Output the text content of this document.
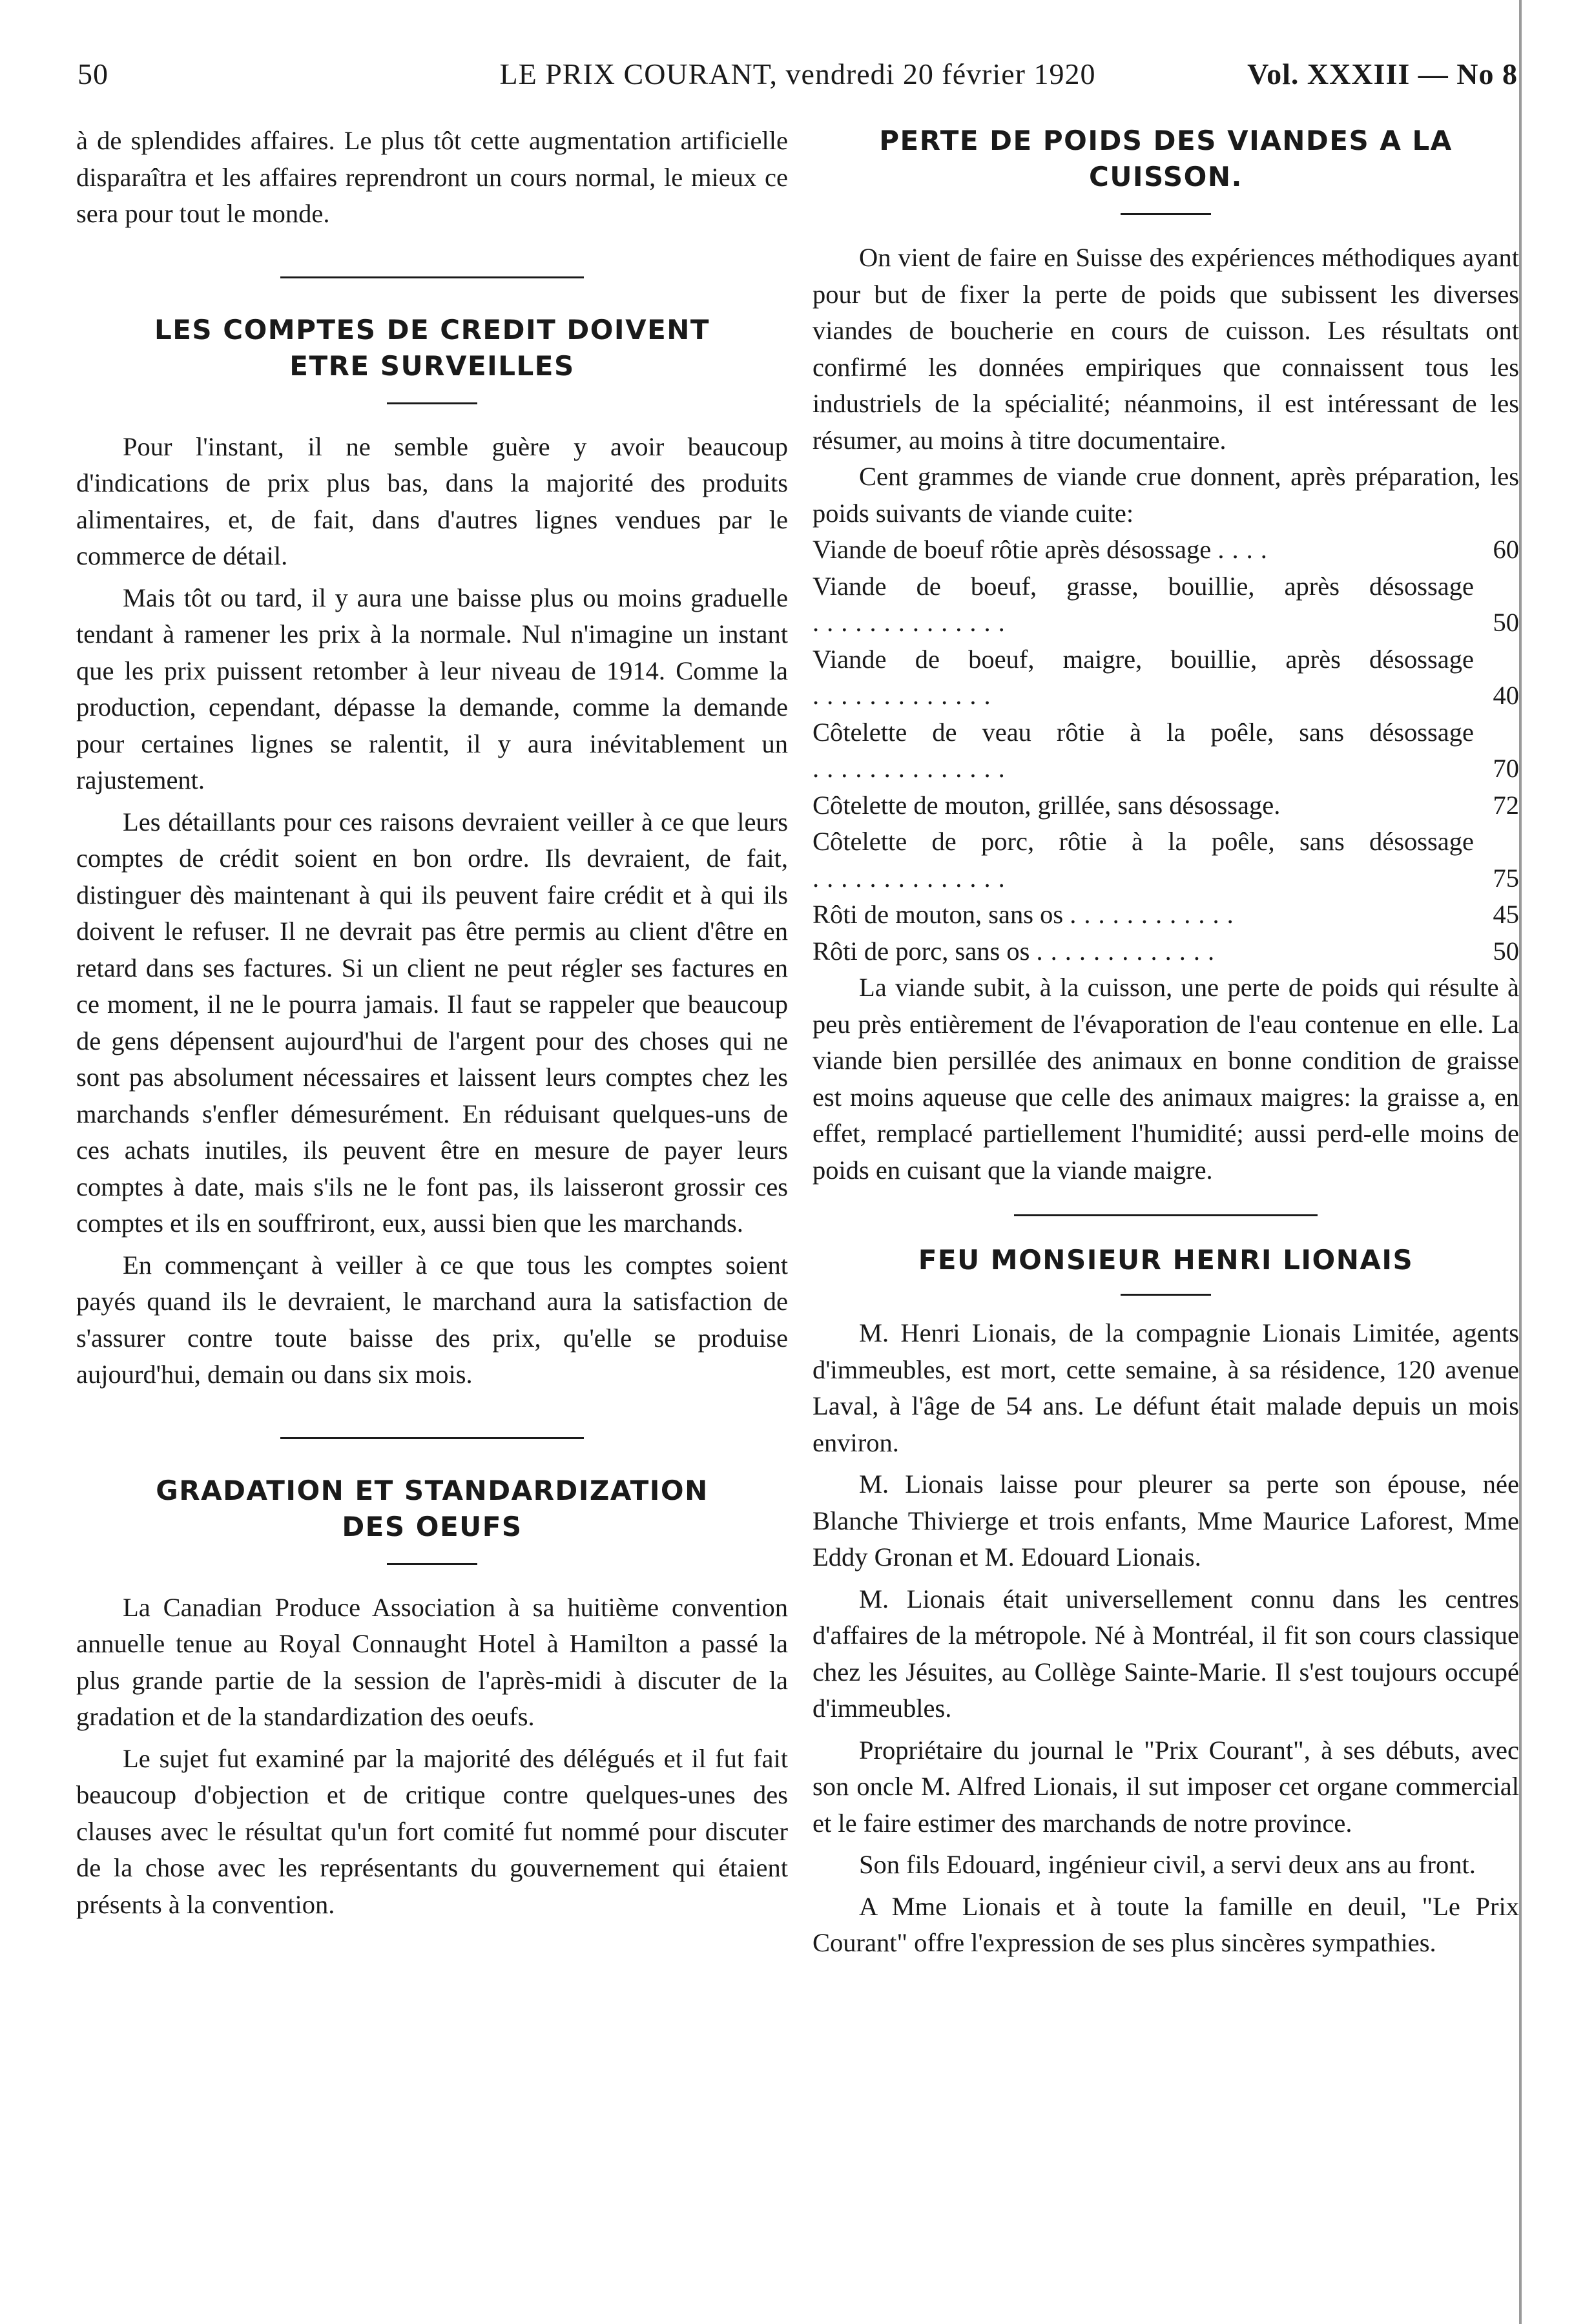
50	LE PRIX COURANT, vendredi 20 février 1920	Vol. XXXIII — No 8

à de splendides affaires. Le plus tôt cette augmentation artificielle disparaîtra et les affaires reprendront un cours normal, le mieux ce sera pour tout le monde.

LES COMPTES DE CREDIT DOIVENT
ETRE SURVEILLES

Pour l'instant, il ne semble guère y avoir beaucoup d'indications de prix plus bas, dans la majorité des produits alimentaires, et, de fait, dans d'autres lignes vendues par le commerce de détail.

Mais tôt ou tard, il y aura une baisse plus ou moins graduelle tendant à ramener les prix à la normale. Nul n'imagine un instant que les prix puissent retomber à leur niveau de 1914. Comme la production, cependant, dépasse la demande, comme la demande pour certaines lignes se ralentit, il y aura inévitablement un rajustement.

Les détaillants pour ces raisons devraient veiller à ce que leurs comptes de crédit soient en bon ordre. Ils devraient, de fait, distinguer dès maintenant à qui ils peuvent faire crédit et à qui ils doivent le refuser. Il ne devrait pas être permis au client d'être en retard dans ses factures. Si un client ne peut régler ses factures en ce moment, il ne le pourra jamais. Il faut se rappeler que beaucoup de gens dépensent aujourd'hui de l'argent pour des choses qui ne sont pas absolument nécessaires et laissent leurs comptes chez les marchands s'enfler démesurément. En réduisant quelques-uns de ces achats inutiles, ils peuvent être en mesure de payer leurs comptes à date, mais s'ils ne le font pas, ils laisseront grossir ces comptes et ils en souffriront, eux, aussi bien que les marchands.

En commençant à veiller à ce que tous les comptes soient payés quand ils le devraient, le marchand aura la satisfaction de s'assurer contre toute baisse des prix, qu'elle se produise aujourd'hui, demain ou dans six mois.

GRADATION ET STANDARDIZATION
DES OEUFS

La Canadian Produce Association à sa huitième convention annuelle tenue au Royal Connaught Hotel à Hamilton a passé la plus grande partie de la session de l'après-midi à discuter de la gradation et de la standardization des oeufs.

Le sujet fut examiné par la majorité des délégués et il fut fait beaucoup d'objection et de critique contre quelques-unes des clauses avec le résultat qu'un fort comité fut nommé pour discuter de la chose avec les représentants du gouvernement qui étaient présents à la convention.

PERTE DE POIDS DES VIANDES A LA
CUISSON.

On vient de faire en Suisse des expériences méthodiques ayant pour but de fixer la perte de poids que subissent les diverses viandes de boucherie en cours de cuisson. Les résultats ont confirmé les données empiriques que connaissent tous les industriels de la spécialité; néanmoins, il est intéressant de les résumer, au moins à titre documentaire.

Cent grammes de viande crue donnent, après préparation, les poids suivants de viande cuite:

Viande de boeuf rôtie après désossage ....	60
Viande de boeuf, grasse, bouillie, après désossage ..............	50
Viande de boeuf, maigre, bouillie, après désossage .............	40
Côtelette de veau rôtie à la poêle, sans désossage ..............	70
Côtelette de mouton, grillée, sans désossage.	72
Côtelette de porc, rôtie à la poêle, sans désossage ..............	75
Rôti de mouton, sans os ............	45
Rôti de porc, sans os .............	50

La viande subit, à la cuisson, une perte de poids qui résulte à peu près entièrement de l'évaporation de l'eau contenue en elle. La viande bien persillée des animaux en bonne condition de graisse est moins aqueuse que celle des animaux maigres: la graisse a, en effet, remplacé partiellement l'humidité; aussi perd-elle moins de poids en cuisant que la viande maigre.

FEU MONSIEUR HENRI LIONAIS

M. Henri Lionais, de la compagnie Lionais Limitée, agents d'immeubles, est mort, cette semaine, à sa résidence, 120 avenue Laval, à l'âge de 54 ans. Le défunt était malade depuis un mois environ.

M. Lionais laisse pour pleurer sa perte son épouse, née Blanche Thivierge et trois enfants, Mme Maurice Laforest, Mme Eddy Gronan et M. Edouard Lionais.

M. Lionais était universellement connu dans les centres d'affaires de la métropole. Né à Montréal, il fit son cours classique chez les Jésuites, au Collège Sainte-Marie. Il s'est toujours occupé d'immeubles.

Propriétaire du journal le "Prix Courant", à ses débuts, avec son oncle M. Alfred Lionais, il sut imposer cet organe commercial et le faire estimer des marchands de notre province.

Son fils Edouard, ingénieur civil, a servi deux ans au front.

A Mme Lionais et à toute la famille en deuil, "Le Prix Courant" offre l'expression de ses plus sincères sympathies.
